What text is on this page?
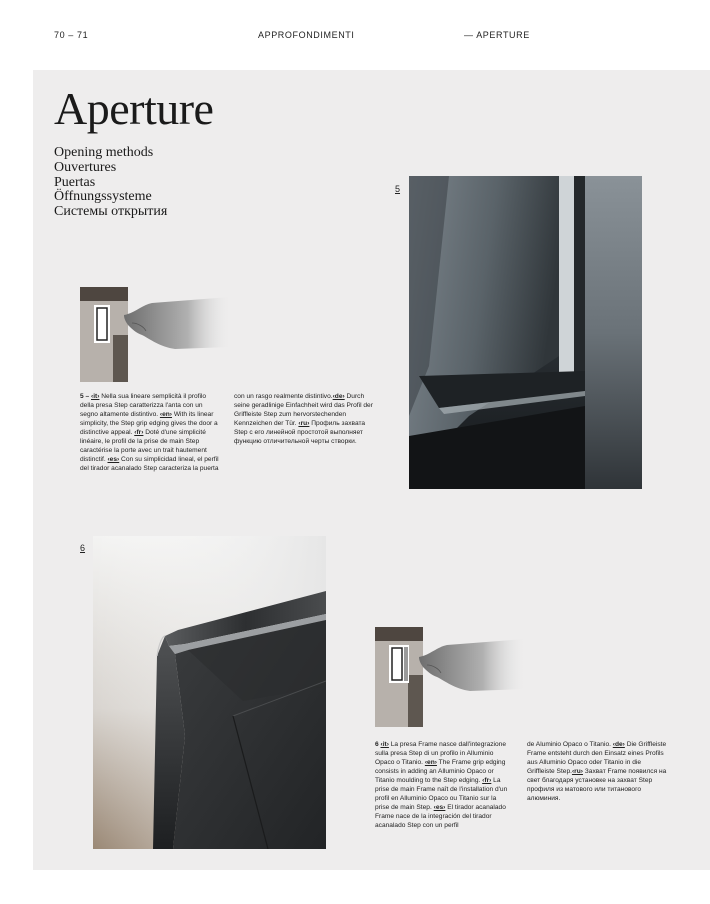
70 – 71	APPROFONDIMENTI	— APERTURE
Aperture
Opening methods
Ouvertures
Puertas
Öffnungssysteme
Системы открытия
5
5 – ‹it› Nella sua lineare semplicità il profilo della presa Step caratterizza l'anta con un segno altamente distintivo. ‹en› With its linear simplicity, the Step grip edging gives the door a distinctive appeal. ‹fr› Doté d'une simplicité linéaire, le profil de la prise de main Step caractérise la porte avec un trait hautement distinctif. ‹es› Con su simplicidad lineal, el perfil del tirador acanalado Step caracteriza la puerta
con un rasgo realmente distintivo.‹de› Durch seine geradlinige Einfachheit wird das Profil der Griffleiste Step zum hervorstechenden Kennzeichen der Tür. ‹ru› Профиль захвата Step с его линейной простотой выполняет функцию отличительной черты створки.
6
6 ‹it› La presa Frame nasce dall'integrazione sulla presa Step di un profilo in Alluminio Opaco o Titanio. ‹en› The Frame grip edging consists in adding an Alluminio Opaco or Titanio moulding to the Step edging. ‹fr› La prise de main Frame naît de l'installation d'un profil en Alluminio Opaco ou Titanio sur la prise de main Step. ‹es› El tirador acanalado Frame nace de la integración del tirador acanalado Step con un perfil
de Aluminio Opaco o Titanio. ‹de› Die Griffleiste Frame entsteht durch den Einsatz eines Profils aus Alluminio Opaco oder Titanio in die Griffleiste Step.‹ru› Захват Frame появился на свет благодаря установке на захват Step профиля из матового или титанового алюминия.
